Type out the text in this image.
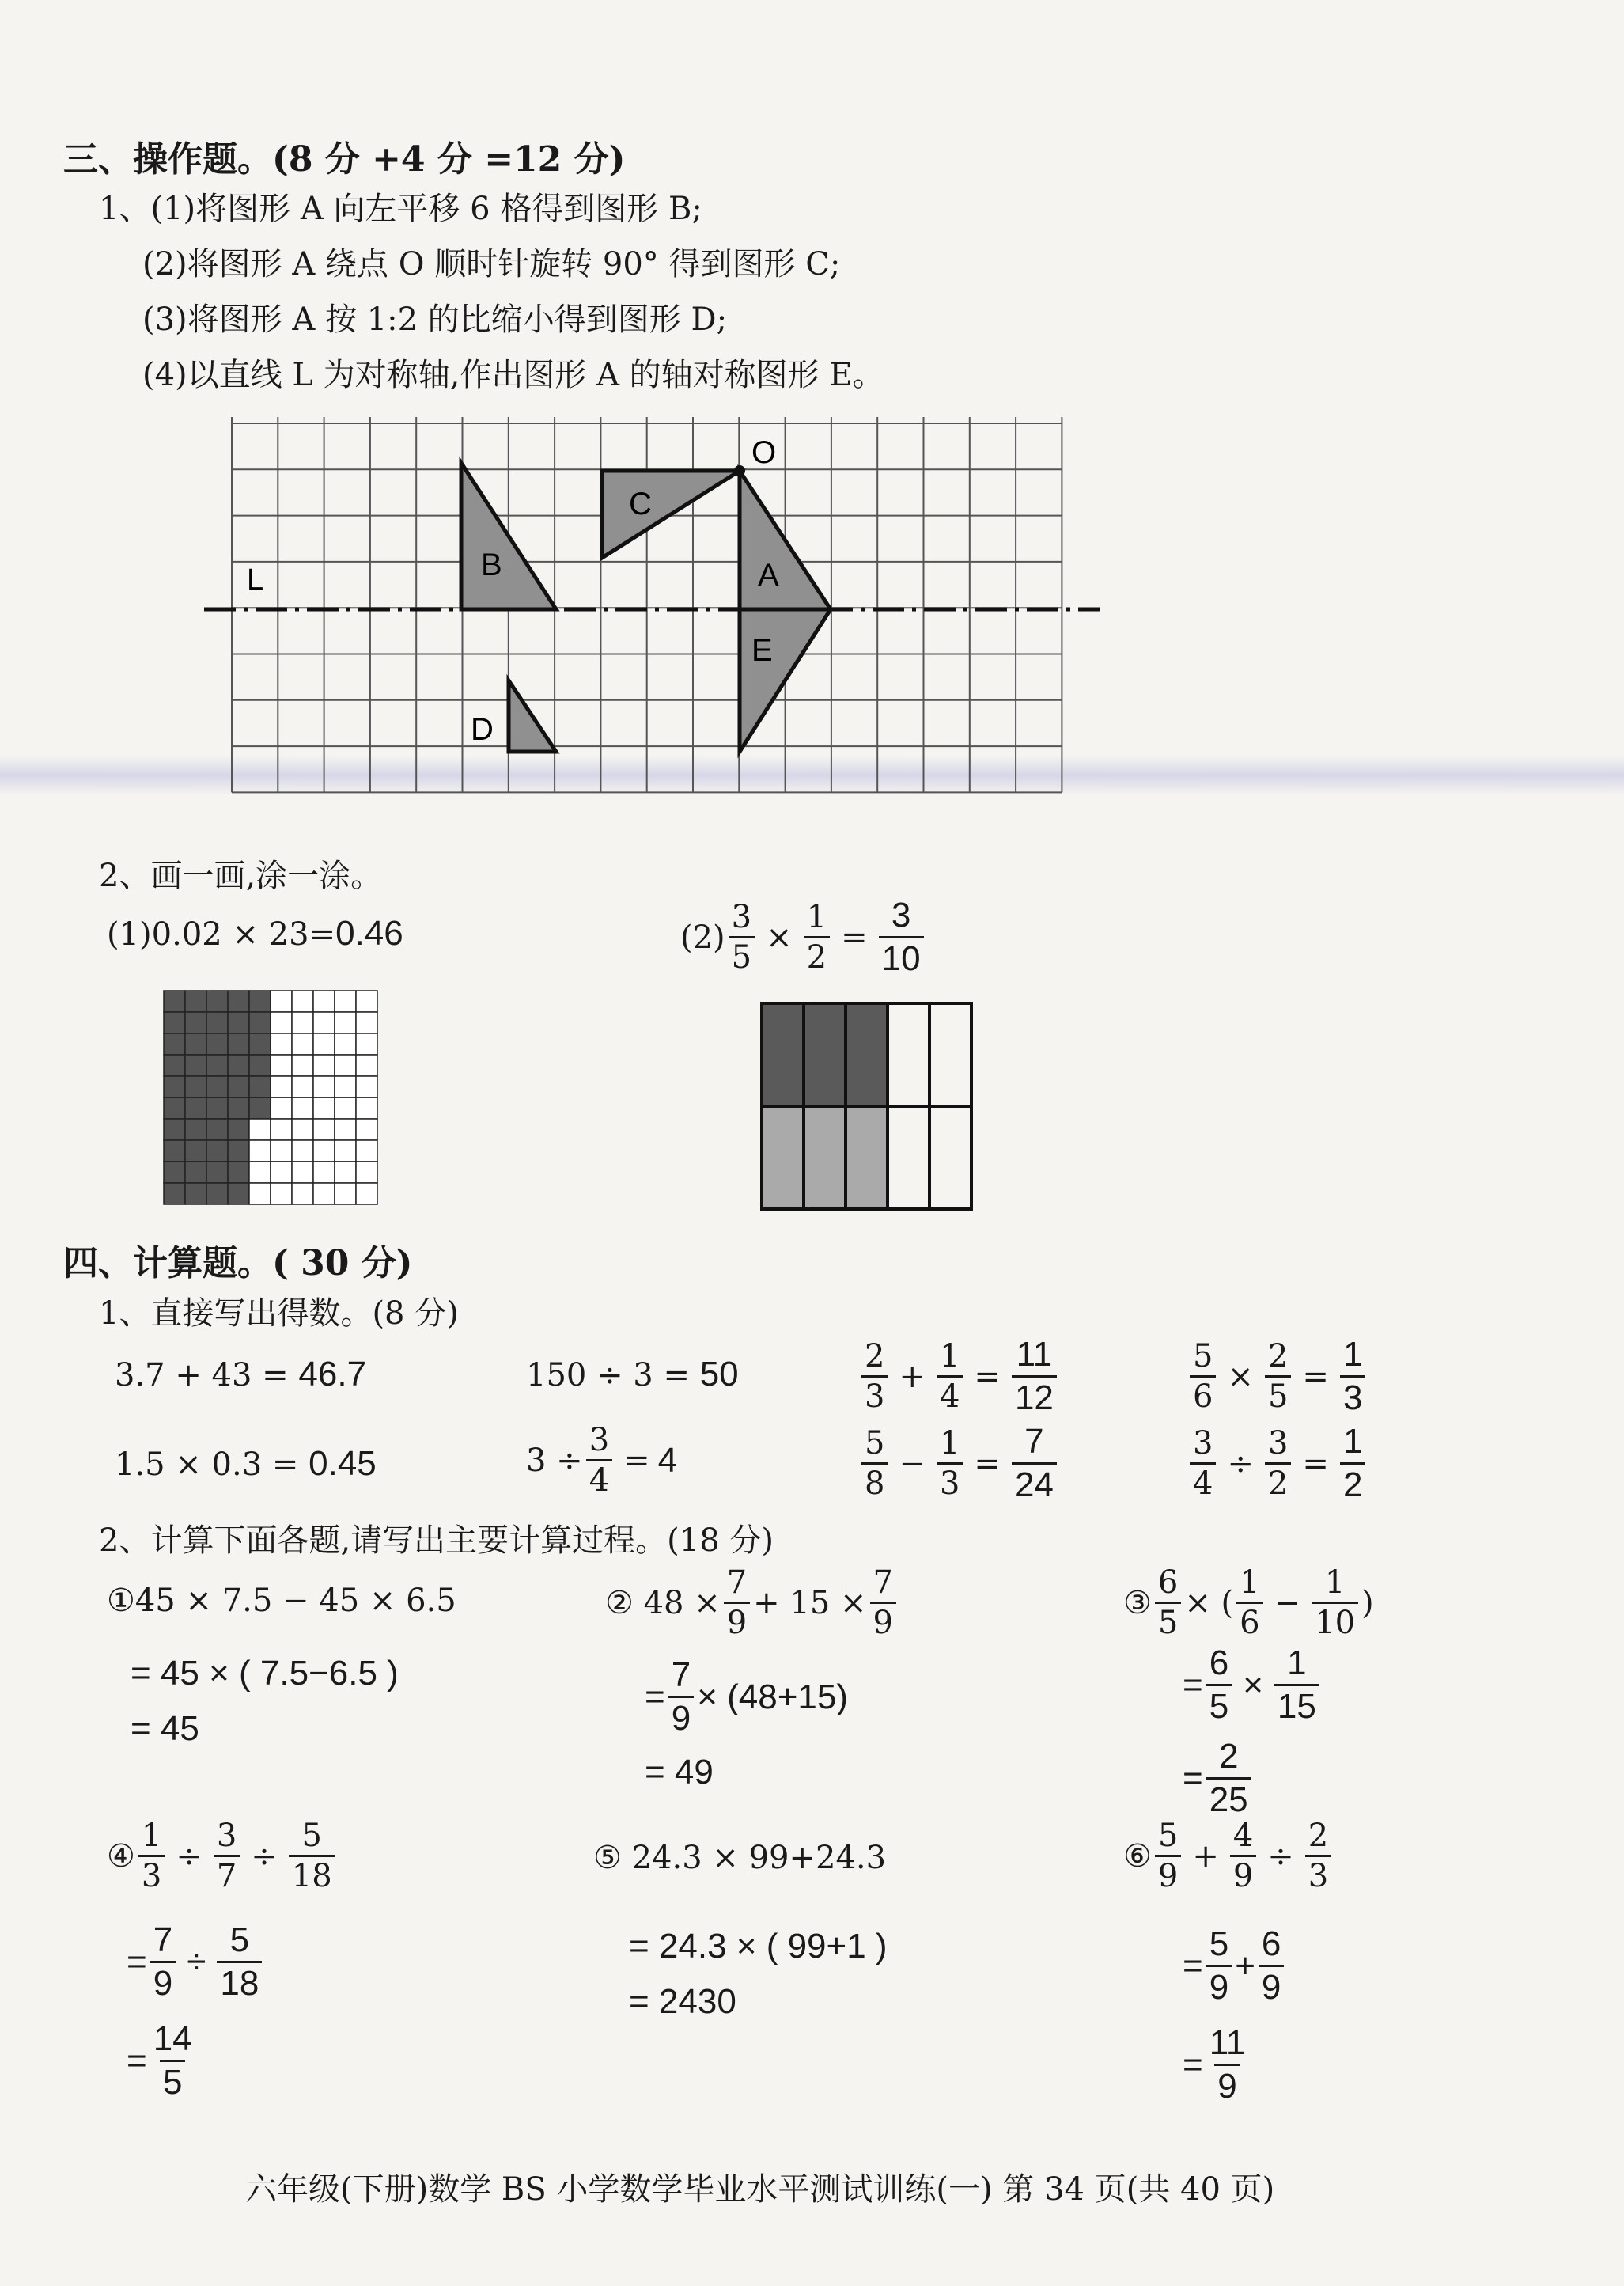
三、操作题。(8 分 +4 分 =12 分)
1、(1)将图形 A 向左平移 6 格得到图形 B;
(2)将图形 A 绕点 O 顺时针旋转 90° 得到图形 C;
(3)将图形 A 按 1:2 的比缩小得到图形 D;
(4)以直线 L 为对称轴,作出图形 A 的轴对称图形 E。
L
O
A
B
C
D
E
2、画一画,涂一涂。
(1)0.02 × 23=0.46	$(2) \frac{3}{5} \times \frac{1}{2} = \frac{3}{10}$
四、计算题。( 30 分)
1、直接写出得数。(8 分)
3.7 + 43 = 46.7	150 ÷ 3 = 50	$\frac{2}{3} + \frac{1}{4} = \frac{11}{12}$	$\frac{5}{6} \times \frac{2}{5} = \frac{1}{3}$
1.5 × 0.3 = 0.45	$3 \div \frac{3}{4} = 4$	$\frac{5}{8} - \frac{1}{3} = \frac{7}{24}$	$\frac{3}{4} \div \frac{3}{2} = \frac{1}{2}$
2、计算下面各题,请写出主要计算过程。(18 分)
①45 × 7.5 − 45 × 6.5
= 45 × ( 7.5−6.5 )
= 45
② $48 \times \frac{7}{9} + 15 \times \frac{7}{9}$
= $\frac{7}{9} \times (48+15)$
= 49
③ $\frac{6}{5}$ × ( $\frac{1}{6} - \frac{1}{10}$ )
= $\frac{6}{5} \times \frac{1}{15}$
= $\frac{2}{25}$
④ $\frac{1}{3} \div \frac{3}{7} \div \frac{5}{18}$
= $\frac{7}{9} \div \frac{5}{18}$
= $\frac{14}{5}$
⑤ 24.3 × 99+24.3
= 24.3 × ( 99+1 )
= 2430
⑥ $\frac{5}{9} + \frac{4}{9} \div \frac{2}{3}$
= $\frac{5}{9} + \frac{6}{9}$
= $\frac{11}{9}$
六年级(下册)数学 BS 小学数学毕业水平测试训练(一) 第 34 页(共 40 页)
